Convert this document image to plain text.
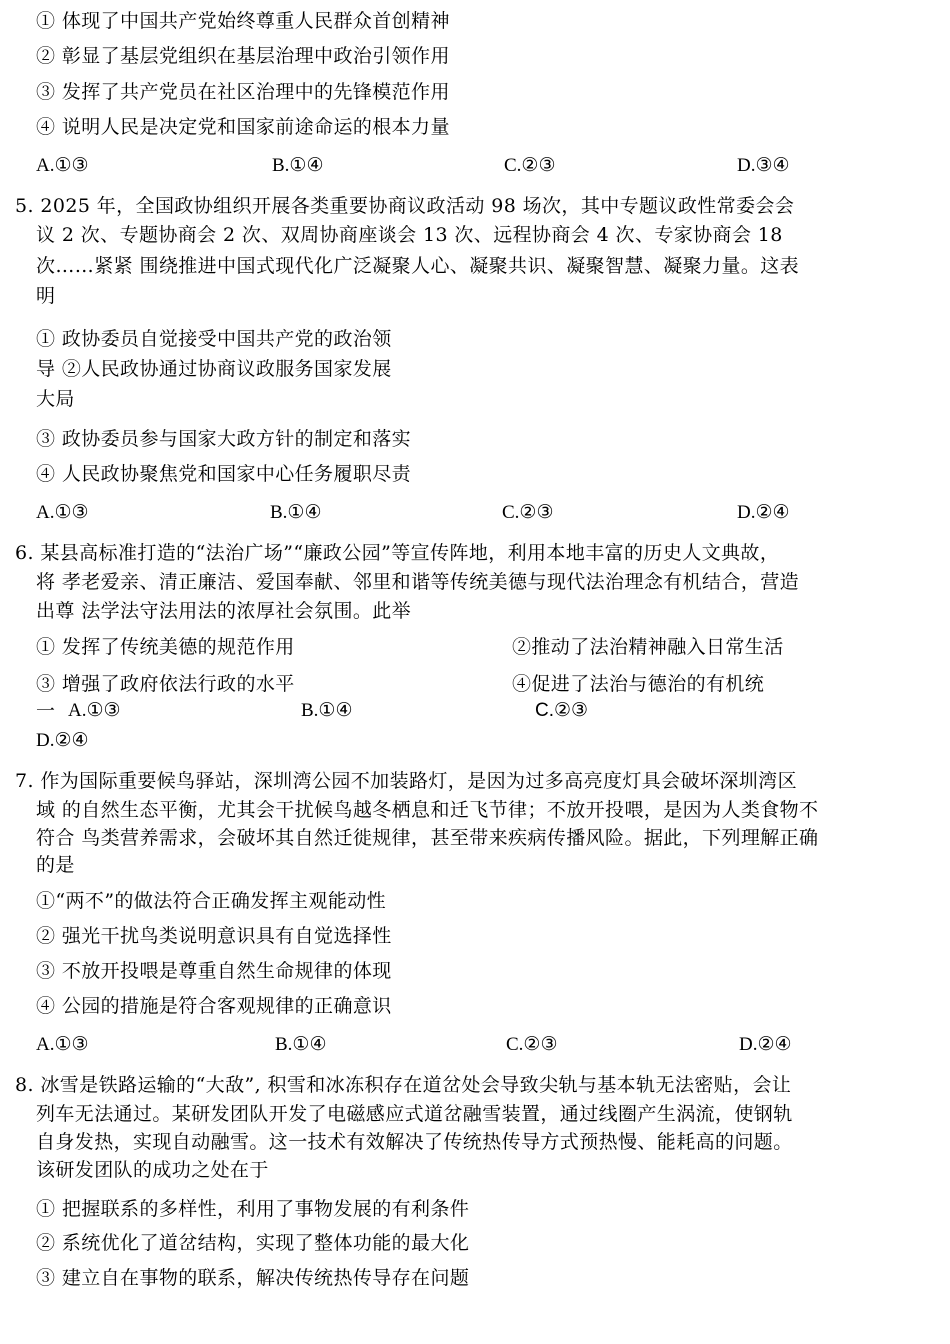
① 体现了中国共产党始终尊重人民群众首创精神
② 彰显了基层党组织在基层治理中政治引领作用
③ 发挥了共产党员在社区治理中的先锋模范作用
④ 说明人民是决定党和国家前途命运的根本力量
A.①③	B.①④	C.②③	D.③④
5. 2025 年，全国政协组织开展各类重要协商议政活动 98 场次，其中专题议政性常委会会
议 2 次、专题协商会 2 次、双周协商座谈会 13 次、远程协商会 4 次、专家协商会 18
次……紧紧 围绕推进中国式现代化广泛凝聚人心、凝聚共识、凝聚智慧、凝聚力量。这表
明
① 政协委员自觉接受中国共产党的政治领
导 ②人民政协通过协商议政服务国家发展
大局
③ 政协委员参与国家大政方针的制定和落实
④ 人民政协聚焦党和国家中心任务履职尽责
A.①③	B.①④	C.②③	D.②④
6. 某县高标准打造的“法治广场”“廉政公园”等宣传阵地，利用本地丰富的历史人文典故，
将 孝老爱亲、清正廉洁、爱国奉献、邻里和谐等传统美德与现代法治理念有机结合，营造
出尊 法学法守法用法的浓厚社会氛围。此举
① 发挥了传统美德的规范作用	②推动了法治精神融入日常生活
③ 增强了政府依法行政的水平	④促进了法治与德治的有机统
一 A.①③	B.①④	C.②③
D.②④
7. 作为国际重要候鸟驿站，深圳湾公园不加装路灯，是因为过多高亮度灯具会破坏深圳湾区
域 的自然生态平衡，尤其会干扰候鸟越冬栖息和迁飞节律；不放开投喂，是因为人类食物不
符合 鸟类营养需求，会破坏其自然迁徙规律，甚至带来疾病传播风险。据此，下列理解正确
的是
①“两不”的做法符合正确发挥主观能动性
② 强光干扰鸟类说明意识具有自觉选择性
③ 不放开投喂是尊重自然生命规律的体现
④ 公园的措施是符合客观规律的正确意识
A.①③	B.①④	C.②③	D.②④
8. 冰雪是铁路运输的“大敌”, 积雪和冰冻积存在道岔处会导致尖轨与基本轨无法密贴，会让
列车无法通过。某研发团队开发了电磁感应式道岔融雪装置，通过线圈产生涡流，使钢轨
自身发热，实现自动融雪。这一技术有效解决了传统热传导方式预热慢、能耗高的问题。
该研发团队的成功之处在于
① 把握联系的多样性，利用了事物发展的有利条件
② 系统优化了道岔结构，实现了整体功能的最大化
③ 建立自在事物的联系，解决传统热传导存在问题
